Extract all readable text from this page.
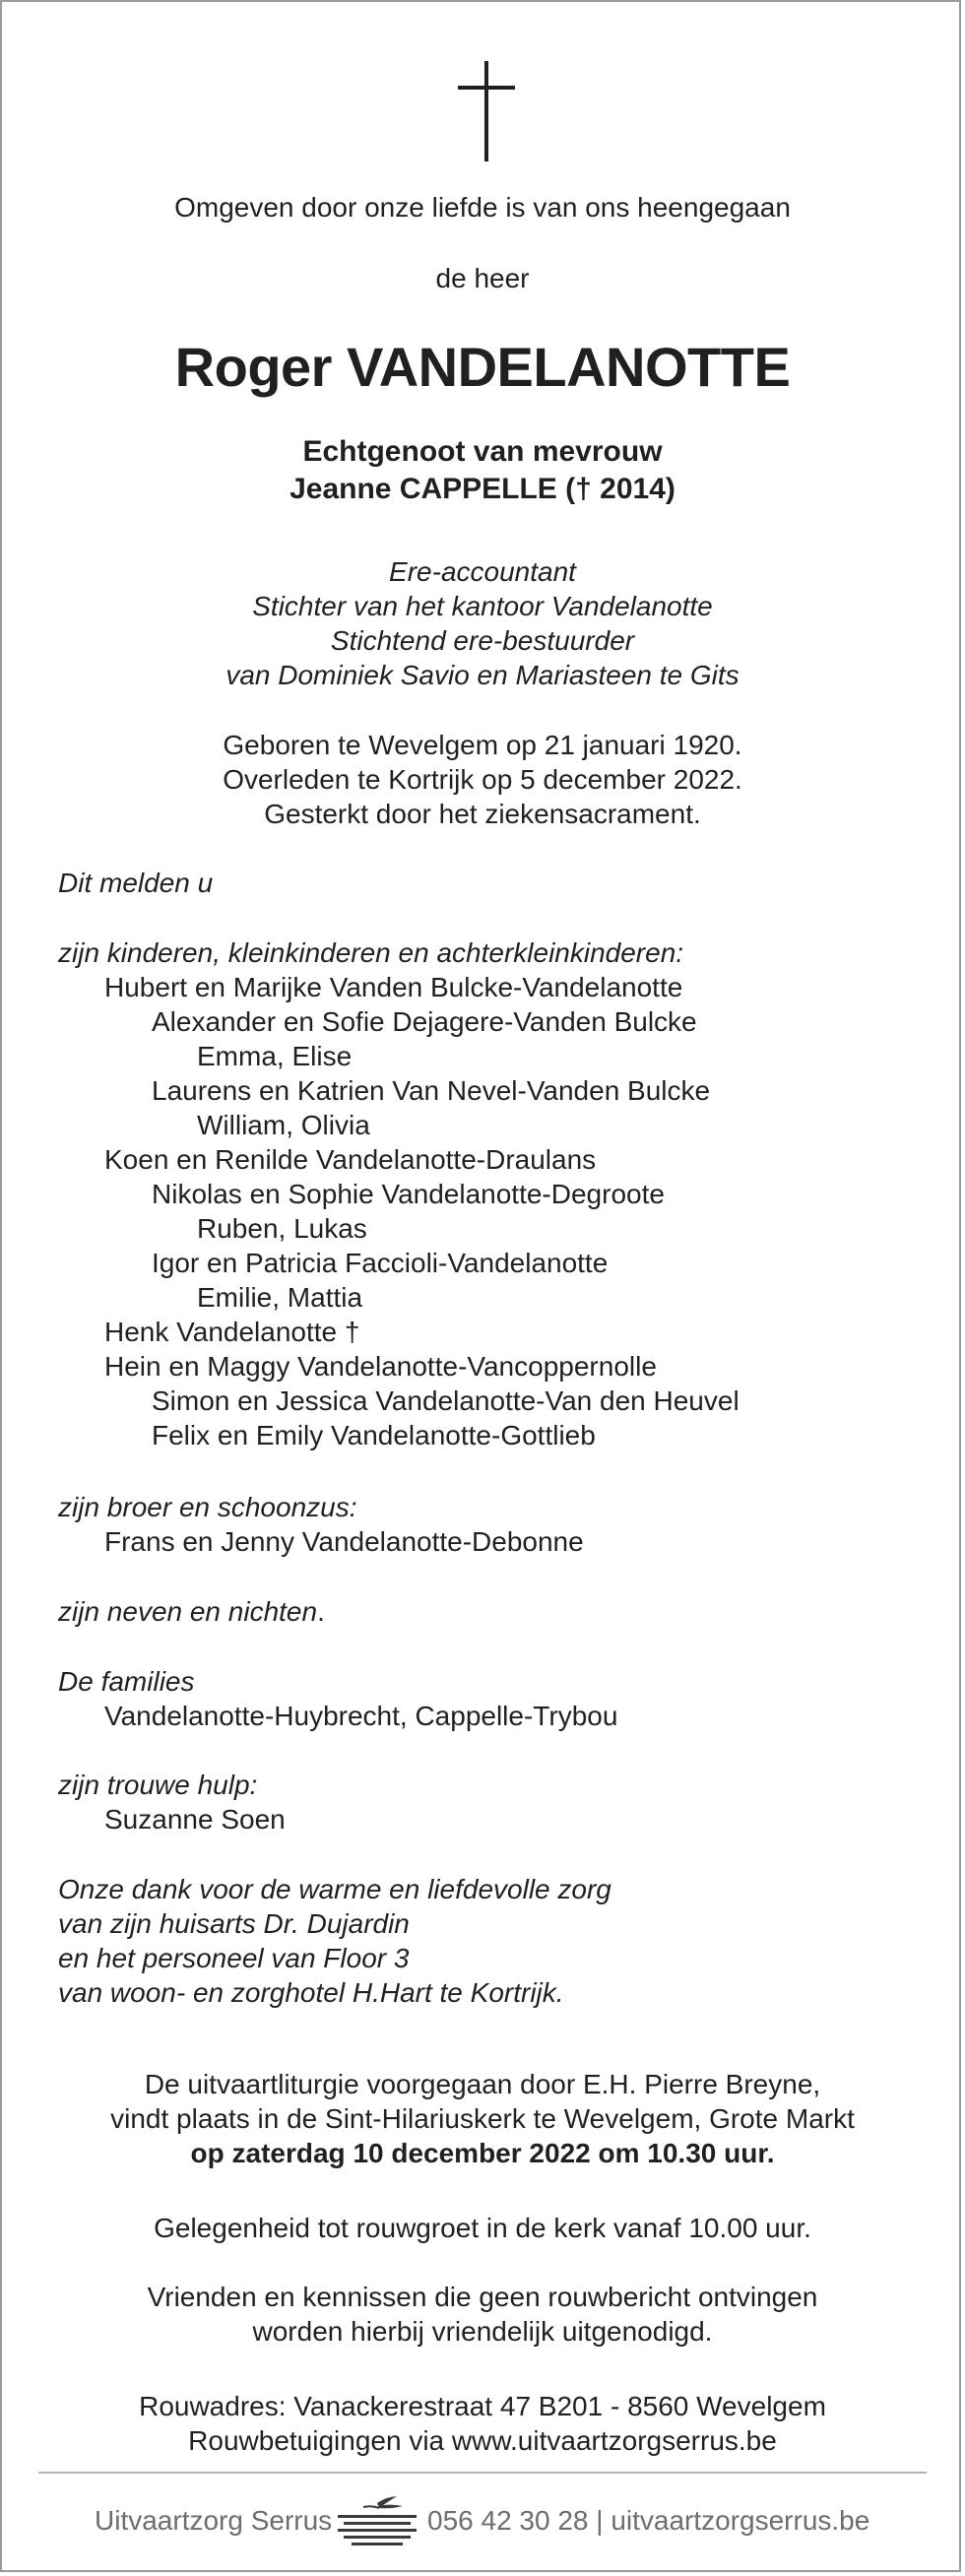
Omgeven door onze liefde is van ons heengegaan
de heer
Roger VANDELANOTTE
Echtgenoot van mevrouw
Jeanne CAPPELLE († 2014)
Ere-accountant
Stichter van het kantoor Vandelanotte
Stichtend ere-bestuurder
van Dominiek Savio en Mariasteen te Gits
Geboren te Wevelgem op 21 januari 1920.
Overleden te Kortrijk op 5 december 2022.
Gesterkt door het ziekensacrament.
Dit melden u
zijn kinderen, kleinkinderen en achterkleinkinderen:
Hubert en Marijke Vanden Bulcke-Vandelanotte
Alexander en Sofie Dejagere-Vanden Bulcke
Emma, Elise
Laurens en Katrien Van Nevel-Vanden Bulcke
William, Olivia
Koen en Renilde Vandelanotte-Draulans
Nikolas en Sophie Vandelanotte-Degroote
Ruben, Lukas
Igor en Patricia Faccioli-Vandelanotte
Emilie, Mattia
Henk Vandelanotte †
Hein en Maggy Vandelanotte-Vancoppernolle
Simon en Jessica Vandelanotte-Van den Heuvel
Felix en Emily Vandelanotte-Gottlieb
zijn broer en schoonzus:
Frans en Jenny Vandelanotte-Debonne
zijn neven en nichten.
De families
Vandelanotte-Huybrecht, Cappelle-Trybou
zijn trouwe hulp:
Suzanne Soen
Onze dank voor de warme en liefdevolle zorg
van zijn huisarts Dr. Dujardin
en het personeel van Floor 3
van woon- en zorghotel H.Hart te Kortrijk.
De uitvaartliturgie voorgegaan door E.H. Pierre Breyne,
vindt plaats in de Sint-Hilariuskerk te Wevelgem, Grote Markt
op zaterdag 10 december 2022 om 10.30 uur.
Gelegenheid tot rouwgroet in de kerk vanaf 10.00 uur.
Vrienden en kennissen die geen rouwbericht ontvingen
worden hierbij vriendelijk uitgenodigd.
Rouwadres: Vanackerestraat 47 B201 - 8560 Wevelgem
Rouwbetuigingen via www.uitvaartzorgserrus.be
Uitvaartzorg Serrus	056 42 30 28 | uitvaartzorgserrus.be
